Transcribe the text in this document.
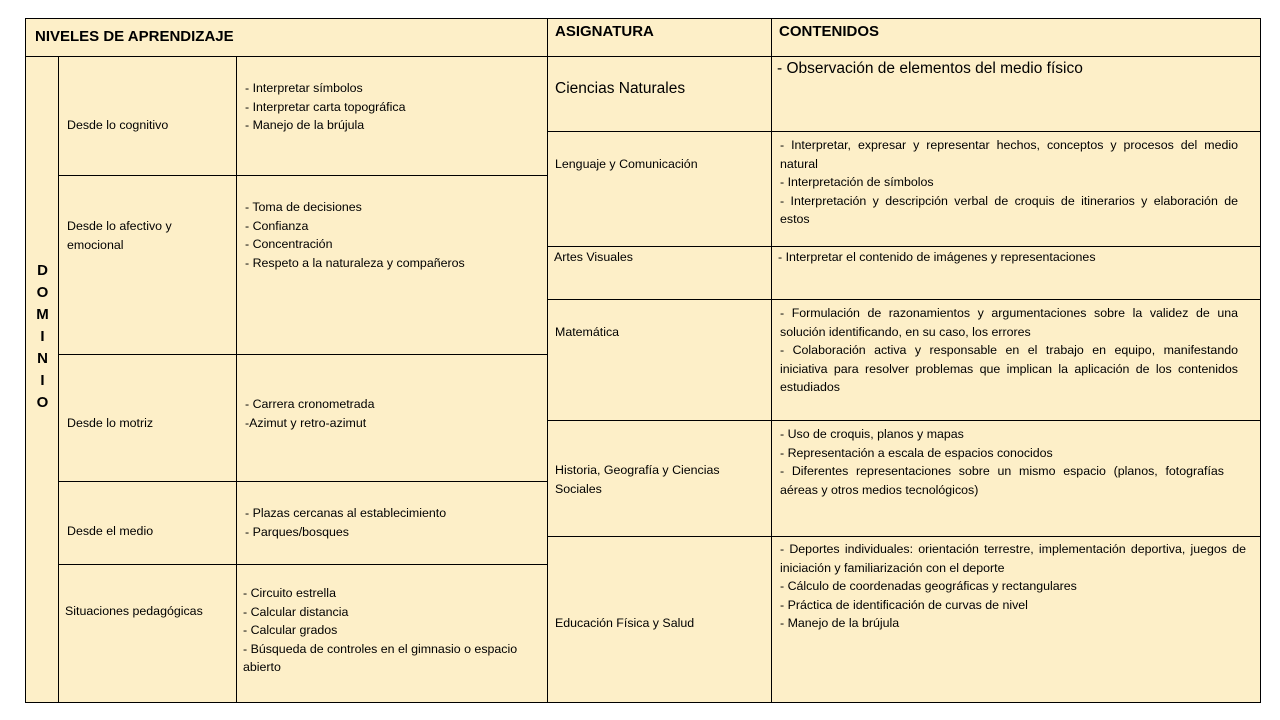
NIVELES DE APRENDIZAJE	ASIGNATURA	CONTENIDOS
D
O
M
I
N
I
O
Desde lo cognitivo
Desde lo afectivo y emocional
Desde lo motriz
Desde el medio
Situaciones pedagógicas
- Interpretar símbolos
- Interpretar carta topográfica
- Manejo de la brújula
- Toma de decisiones
- Confianza
- Concentración
- Respeto a la naturaleza y compañeros
- Carrera cronometrada
-Azimut y retro-azimut
- Plazas cercanas al establecimiento
- Parques/bosques
- Circuito estrella
- Calcular distancia
- Calcular grados
- Búsqueda de controles en el gimnasio o espacio abierto
Ciencias Naturales
Lenguaje y Comunicación
Artes Visuales
Matemática
Historia, Geografía y Ciencias Sociales
Educación Física y Salud
- Observación de elementos del medio físico
- Interpretar, expresar y representar hechos, conceptos y procesos del medio natural
- Interpretación de símbolos
- Interpretación y descripción verbal de croquis de itinerarios y elaboración de estos
- Interpretar el contenido de imágenes y representaciones
- Formulación de razonamientos y argumentaciones sobre la validez de una solución identificando, en su caso, los errores
- Colaboración activa y responsable en el trabajo en equipo, manifestando iniciativa para resolver problemas que implican la aplicación de los contenidos estudiados
- Uso de croquis, planos y mapas
- Representación a escala de espacios conocidos
- Diferentes representaciones sobre un mismo espacio (planos, fotografías aéreas y otros medios tecnológicos)
- Deportes individuales: orientación terrestre, implementación deportiva, juegos de iniciación y familiarización con el deporte
- Cálculo de coordenadas geográficas y rectangulares
- Práctica de identificación de curvas de nivel
- Manejo de la brújula
